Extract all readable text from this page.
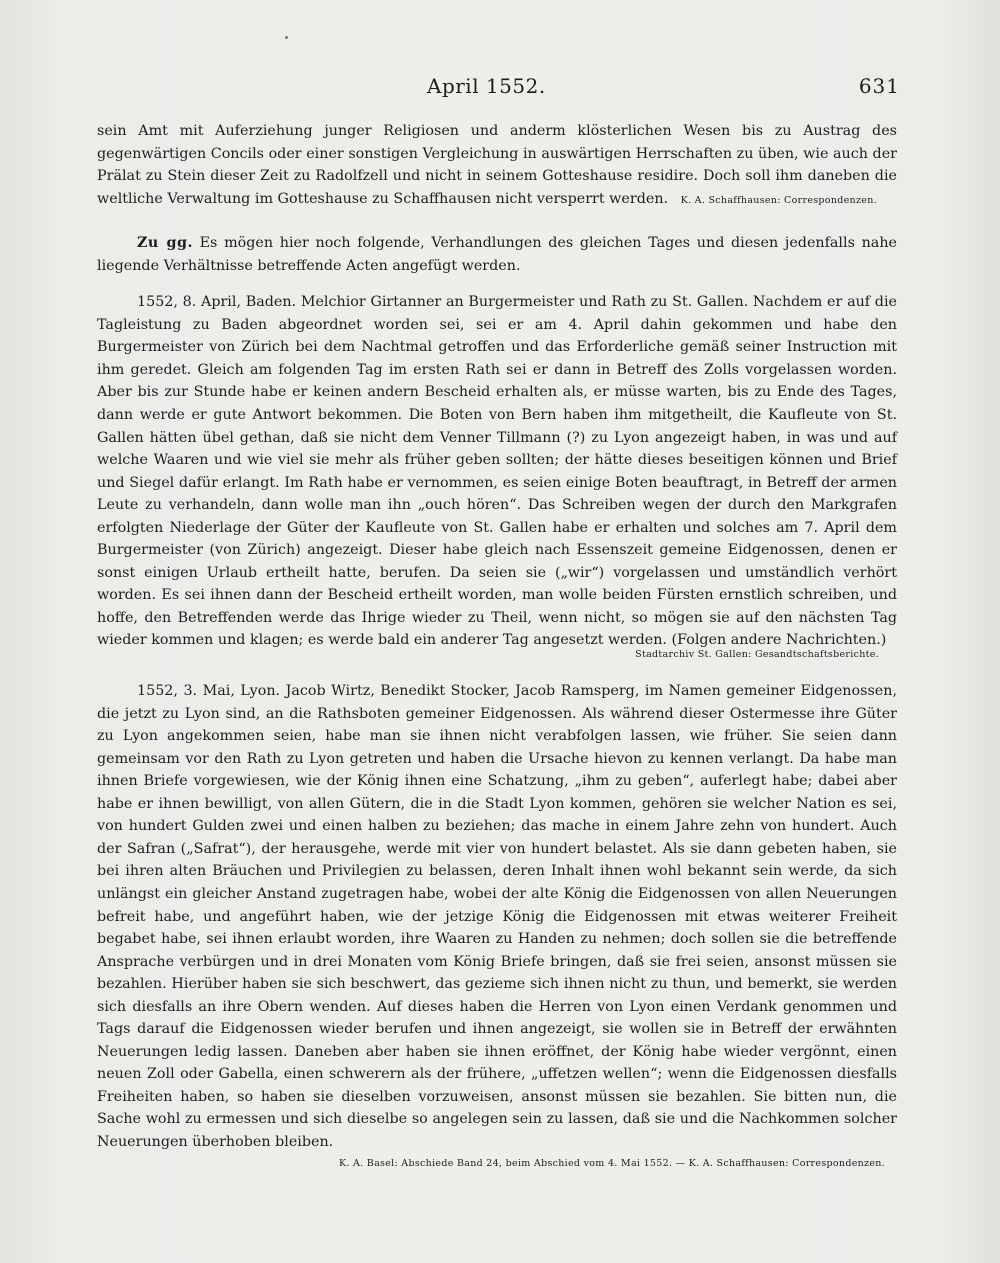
April 1552.	631

sein Amt mit Auferziehung junger Religiosen und anderm klösterlichen Wesen bis zu Austrag des gegenwärtigen Concils oder einer sonstigen Vergleichung in auswärtigen Herrschaften zu üben, wie auch der Prälat zu Stein dieser Zeit zu Radolfzell und nicht in seinem Gotteshause residire. Doch soll ihm daneben die weltliche Verwaltung im Gotteshause zu Schaffhausen nicht versperrt werden. K. A. Schaffhausen: Correspondenzen.

Zu gg. Es mögen hier noch folgende, Verhandlungen des gleichen Tages und diesen jedenfalls nahe liegende Verhältnisse betreffende Acten angefügt werden.

1552, 8. April, Baden. Melchior Girtanner an Burgermeister und Rath zu St. Gallen. Nachdem er auf die Tagleistung zu Baden abgeordnet worden sei, sei er am 4. April dahin gekommen und habe den Burgermeister von Zürich bei dem Nachtmal getroffen und das Erforderliche gemäß seiner Instruction mit ihm geredet. Gleich am folgenden Tag im ersten Rath sei er dann in Betreff des Zolls vorgelassen worden. Aber bis zur Stunde habe er keinen andern Bescheid erhalten als, er müsse warten, bis zu Ende des Tages, dann werde er gute Antwort bekommen. Die Boten von Bern haben ihm mitgetheilt, die Kaufleute von St. Gallen hätten übel gethan, daß sie nicht dem Venner Tillmann (?) zu Lyon angezeigt haben, in was und auf welche Waaren und wie viel sie mehr als früher geben sollten; der hätte dieses beseitigen können und Brief und Siegel dafür erlangt. Im Rath habe er vernommen, es seien einige Boten beauftragt, in Betreff der armen Leute zu verhandeln, dann wolle man ihn „ouch hören“. Das Schreiben wegen der durch den Markgrafen erfolgten Niederlage der Güter der Kaufleute von St. Gallen habe er erhalten und solches am 7. April dem Burgermeister (von Zürich) angezeigt. Dieser habe gleich nach Essenszeit gemeine Eidgenossen, denen er sonst einigen Urlaub ertheilt hatte, berufen. Da seien sie („wir“) vorgelassen und umständlich verhört worden. Es sei ihnen dann der Bescheid ertheilt worden, man wolle beiden Fürsten ernstlich schreiben, und hoffe, den Betreffenden werde das Ihrige wieder zu Theil, wenn nicht, so mögen sie auf den nächsten Tag wieder kommen und klagen; es werde bald ein anderer Tag angesetzt werden. (Folgen andere Nachrichten.)

Stadtarchiv St. Gallen: Gesandtschaftsberichte.

1552, 3. Mai, Lyon. Jacob Wirtz, Benedikt Stocker, Jacob Ramsperg, im Namen gemeiner Eidgenossen, die jetzt zu Lyon sind, an die Rathsboten gemeiner Eidgenossen. Als während dieser Ostermesse ihre Güter zu Lyon angekommen seien, habe man sie ihnen nicht verabfolgen lassen, wie früher. Sie seien dann gemeinsam vor den Rath zu Lyon getreten und haben die Ursache hievon zu kennen verlangt. Da habe man ihnen Briefe vorgewiesen, wie der König ihnen eine Schatzung, „ihm zu geben“, auferlegt habe; dabei aber habe er ihnen bewilligt, von allen Gütern, die in die Stadt Lyon kommen, gehören sie welcher Nation es sei, von hundert Gulden zwei und einen halben zu beziehen; das mache in einem Jahre zehn von hundert. Auch der Safran („Safrat“), der herausgehe, werde mit vier von hundert belastet. Als sie dann gebeten haben, sie bei ihren alten Bräuchen und Privilegien zu belassen, deren Inhalt ihnen wohl bekannt sein werde, da sich unlängst ein gleicher Anstand zugetragen habe, wobei der alte König die Eidgenossen von allen Neuerungen befreit habe, und angeführt haben, wie der jetzige König die Eidgenossen mit etwas weiterer Freiheit begabet habe, sei ihnen erlaubt worden, ihre Waaren zu Handen zu nehmen; doch sollen sie die betreffende Ansprache verbürgen und in drei Monaten vom König Briefe bringen, daß sie frei seien, ansonst müssen sie bezahlen. Hierüber haben sie sich beschwert, das gezieme sich ihnen nicht zu thun, und bemerkt, sie werden sich diesfalls an ihre Obern wenden. Auf dieses haben die Herren von Lyon einen Verdank genommen und Tags darauf die Eidgenossen wieder berufen und ihnen angezeigt, sie wollen sie in Betreff der erwähnten Neuerungen ledig lassen. Daneben aber haben sie ihnen eröffnet, der König habe wieder vergönnt, einen neuen Zoll oder Gabella, einen schwerern als der frühere, „uffetzen wellen“; wenn die Eidgenossen diesfalls Freiheiten haben, so haben sie dieselben vorzuweisen, ansonst müssen sie bezahlen. Sie bitten nun, die Sache wohl zu ermessen und sich dieselbe so angelegen sein zu lassen, daß sie und die Nachkommen solcher Neuerungen überhoben bleiben.

K. A. Basel: Abschiede Band 24, beim Abschied vom 4. Mai 1552. — K. A. Schaffhausen: Correspondenzen.
